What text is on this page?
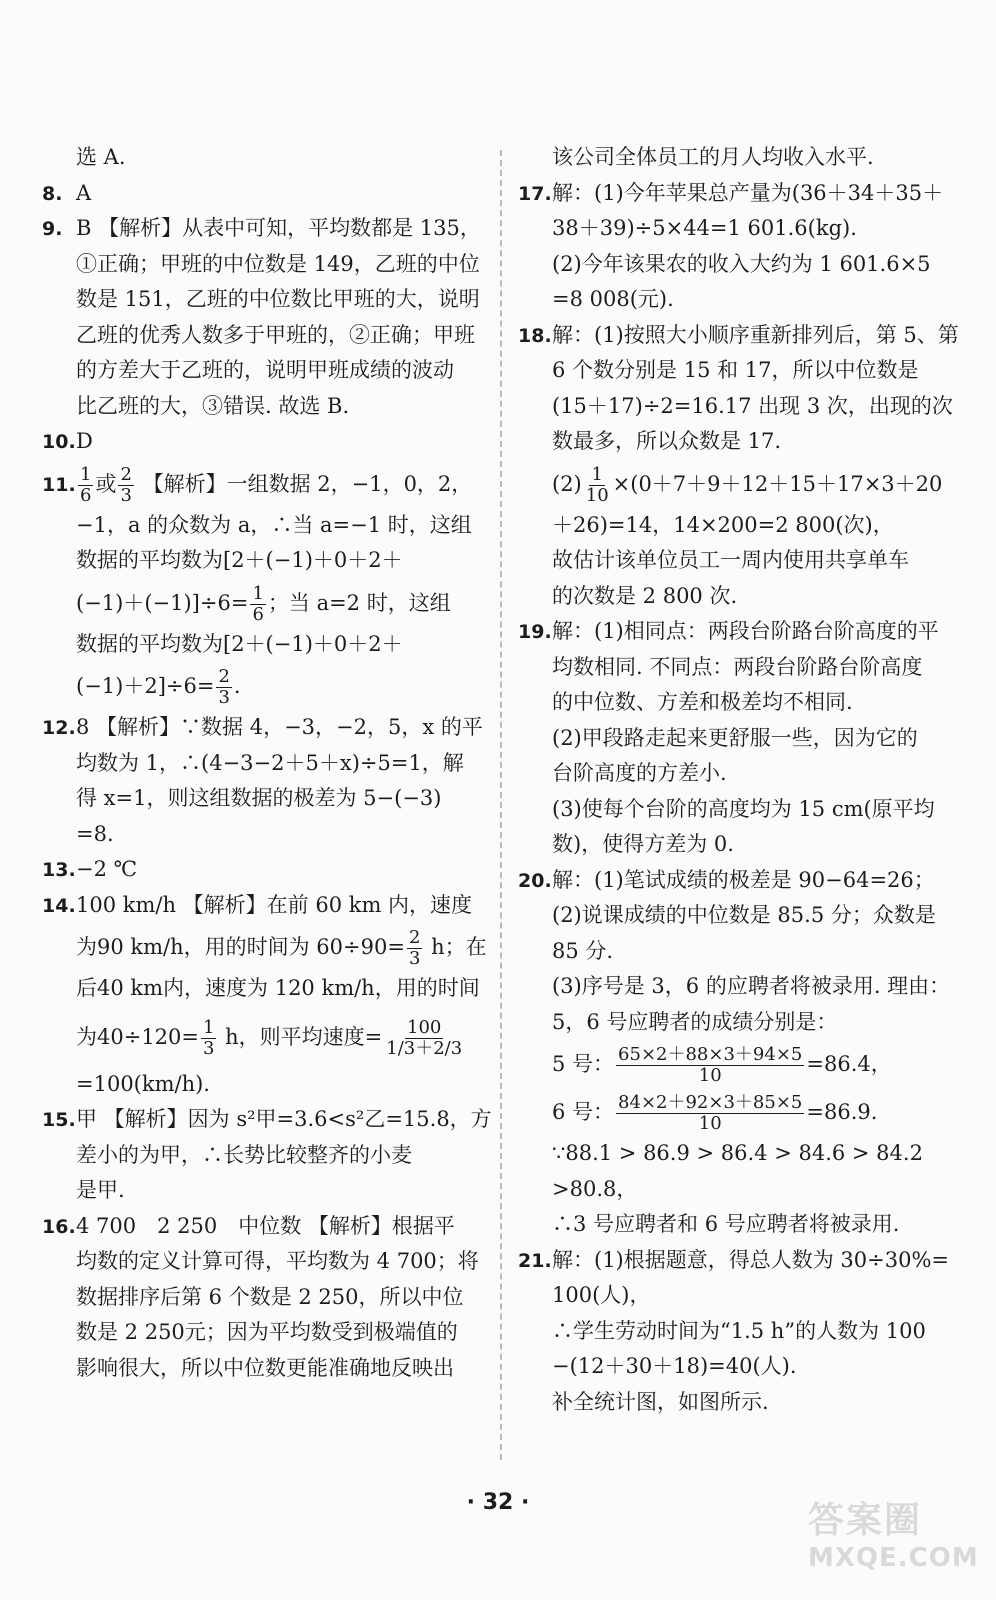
选 A.
8. A
9. B 【解析】从表中可知，平均数都是 135，
①正确；甲班的中位数是 149，乙班的中位
数是 151，乙班的中位数比甲班的大，说明
乙班的优秀人数多于甲班的，②正确；甲班
的方差大于乙班的，说明甲班成绩的波动
比乙班的大，③错误. 故选 B.
10.D
11. $\frac{1}{6}$ 或 $\frac{2}{3}$ 【解析】一组数据 2，−1，0，2，
−1，a 的众数为 a，∴当 a=−1 时，这组
数据的平均数为[2＋(−1)＋0＋2＋
$(-1)+(-1)]\div 6= \frac{1}{6}$ ；当 a=2 时，这组
数据的平均数为[2＋(−1)＋0＋2＋
$(-1)+2]\div 6= \frac{2}{3}$ .
12.8 【解析】∵数据 4，−3，−2，5，x 的平
均数为 1，∴(4−3−2＋5＋x)÷5=1，解
得 x=1，则这组数据的极差为 5−(−3)
=8.
13.−2 ℃
14.100 km/h 【解析】在前 60 km 内，速度
为90 km/h，用的时间为 $60\div 90= \frac{2}{3}$ h；在
后40 km内，速度为 120 km/h，用的时间
为$40\div 120= \frac{1}{3}$ h，则平均速度= $\frac{100}{1/3+2/3}$
=100(km/h).
15.甲 【解析】因为 s²甲=3.6<s²乙=15.8，方
差小的为甲，∴长势比较整齐的小麦
是甲.
16.4 700　2 250　中位数 【解析】根据平
均数的定义计算可得，平均数为 4 700；将
数据排序后第 6 个数是 2 250，所以中位
数是 2 250元；因为平均数受到极端值的
影响很大，所以中位数更能准确地反映出
该公司全体员工的月人均收入水平.
17.解：(1)今年苹果总产量为(36＋34＋35＋
38＋39)÷5×44=1 601.6(kg).
(2)今年该果农的收入大约为 1 601.6×5
=8 008(元).
18.解：(1)按照大小顺序重新排列后，第 5、第
6 个数分别是 15 和 17，所以中位数是
(15＋17)÷2=16.17 出现 3 次，出现的次
数最多，所以众数是 17.
$(2) \frac{1}{10} \times(0+7+9+12+15+17\times 3+20$
＋26)=14，14×200=2 800(次)，
故估计该单位员工一周内使用共享单车
的次数是 2 800 次.
19.解：(1)相同点：两段台阶路台阶高度的平
均数相同. 不同点：两段台阶路台阶高度
的中位数、方差和极差均不相同.
(2)甲段路走起来更舒服一些，因为它的
台阶高度的方差小.
(3)使每个台阶的高度均为 15 cm(原平均
数)，使得方差为 0.
20.解：(1)笔试成绩的极差是 90−64=26；
(2)说课成绩的中位数是 85.5 分；众数是
85 分.
(3)序号是 3，6 的应聘者将被录用. 理由：
5，6 号应聘者的成绩分别是：
5 号： $\frac{65\times 2+88\times 3+94\times 5}{10} =86.4$，
6 号： $\frac{84\times 2+92\times 3+85\times 5}{10} =86.9$.
∵88.1 > 86.9 > 86.4 > 84.6 > 84.2
>80.8，
∴3 号应聘者和 6 号应聘者将被录用.
21.解：(1)根据题意，得总人数为 30÷30%=
100(人)，
∴学生劳动时间为“1.5 h”的人数为 100
−(12＋30＋18)=40(人).
补全统计图，如图所示.
· 32 ·	答案圈
MXQE.COM
